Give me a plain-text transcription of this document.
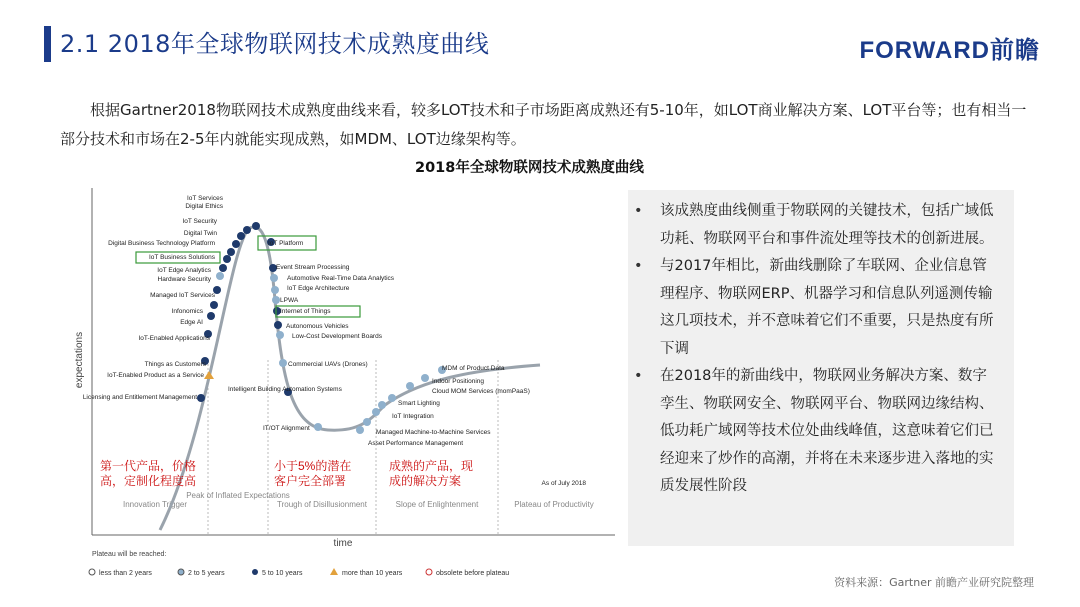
2.1 2018年全球物联网技术成熟度曲线	FORWARD前瞻
根据Gartner2018物联网技术成熟度曲线来看，较多LOT技术和子市场距离成熟还有5-10年，如LOT商业解决方案、LOT平台等；也有相当一部分技术和市场在2-5年内就能实现成熟，如MDM、LOT边缘架构等。
2018年全球物联网技术成熟度曲线
expectations
time
Innovation Trigger
Peak of Inflated Expectations
Trough of Disillusionment	Slope of Enlightenment	Plateau of Productivity
IoT Services
Digital Ethics
IoT Security
Digital Twin
Digital Business Technology Platform
IoT Business Solutions
IoT Edge Analytics
Hardware Security
Managed IoT Services
Infonomics
Edge AI
IoT-Enabled Applications
Things as Customers
IoT-Enabled Product as a Service
Licensing and Entitlement Management
IoT Platform
Event Stream Processing
Automotive Real-Time Data Analytics
IoT Edge Architecture
LPWA
Internet of Things
Autonomous Vehicles
Low-Cost Development Boards
Commercial UAVs (Drones)
Intelligent Building Automation Systems
IT/OT Alignment
MDM of Product Data
Indoor Positioning
Cloud MOM Services (momPaaS)
Smart Lighting
IoT Integration
Managed Machine-to-Machine Services
Asset Performance Management
As of July 2018
第一代产品，价格
高，定制化程度高
小于5%的潜在
客户完全部署
成熟的产品，现
成的解决方案
Plateau will be reached:
less than 2 years	2 to 5 years	5 to 10 years	more than 10 years	obsolete before plateau
• 该成熟度曲线侧重于物联网的关键技术，包括广域低功耗、物联网平台和事件流处理等技术的创新进展。
• 与2017年相比，新曲线删除了车联网、企业信息管理程序、物联网ERP、机器学习和信息队列遥测传输这几项技术，并不意味着它们不重要，只是热度有所下调
• 在2018年的新曲线中，物联网业务解决方案、数字孪生、物联网安全、物联网平台、物联网边缘结构、低功耗广域网等技术位处曲线峰值，这意味着它们已经迎来了炒作的高潮，并将在未来逐步进入落地的实质发展性阶段
资料来源：Gartner 前瞻产业研究院整理
